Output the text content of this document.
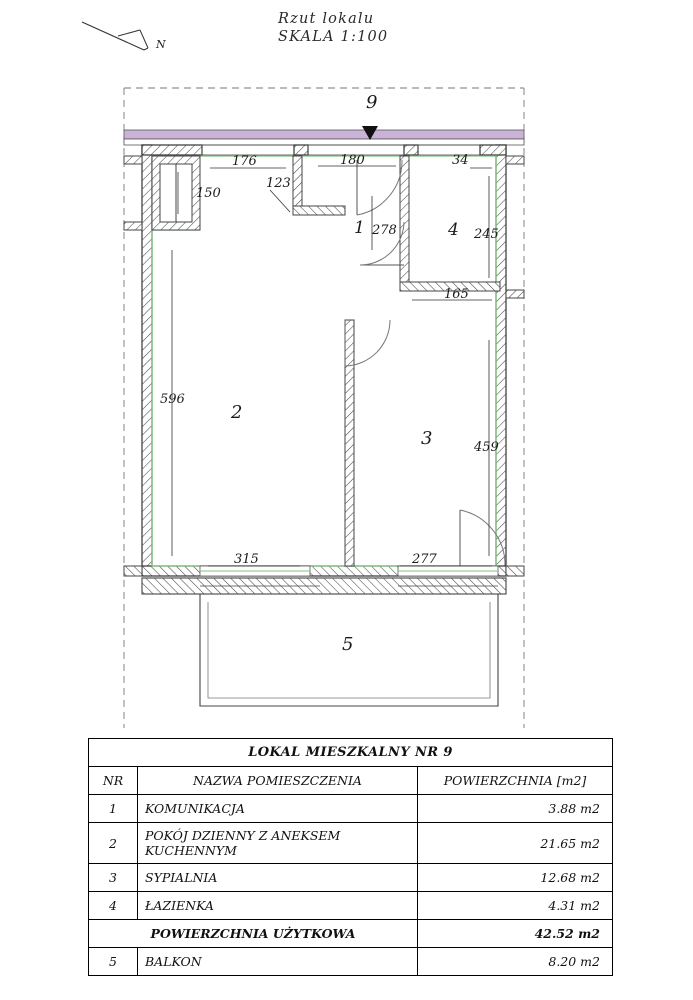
Rzut lokalu
SKALA 1:100
N
176
123
180	34
150
278	245
165
596
459
315	277
1
2
3
4
5
9
LOKAL MIESZKALNY NR 9		
NR	NAZWA POMIESZCZENIA	POWIERZCHNIA [m2]
1	KOMUNIKACJA	3.88 m2
2	POKÓJ DZIENNY Z ANEKSEM KUCHENNYM	21.65 m2
3	SYPIALNIA	12.68 m2
4	ŁAZIENKA	4.31 m2
POWIERZCHNIA UŻYTKOWA		42.52 m2
5	BALKON	8.20 m2
